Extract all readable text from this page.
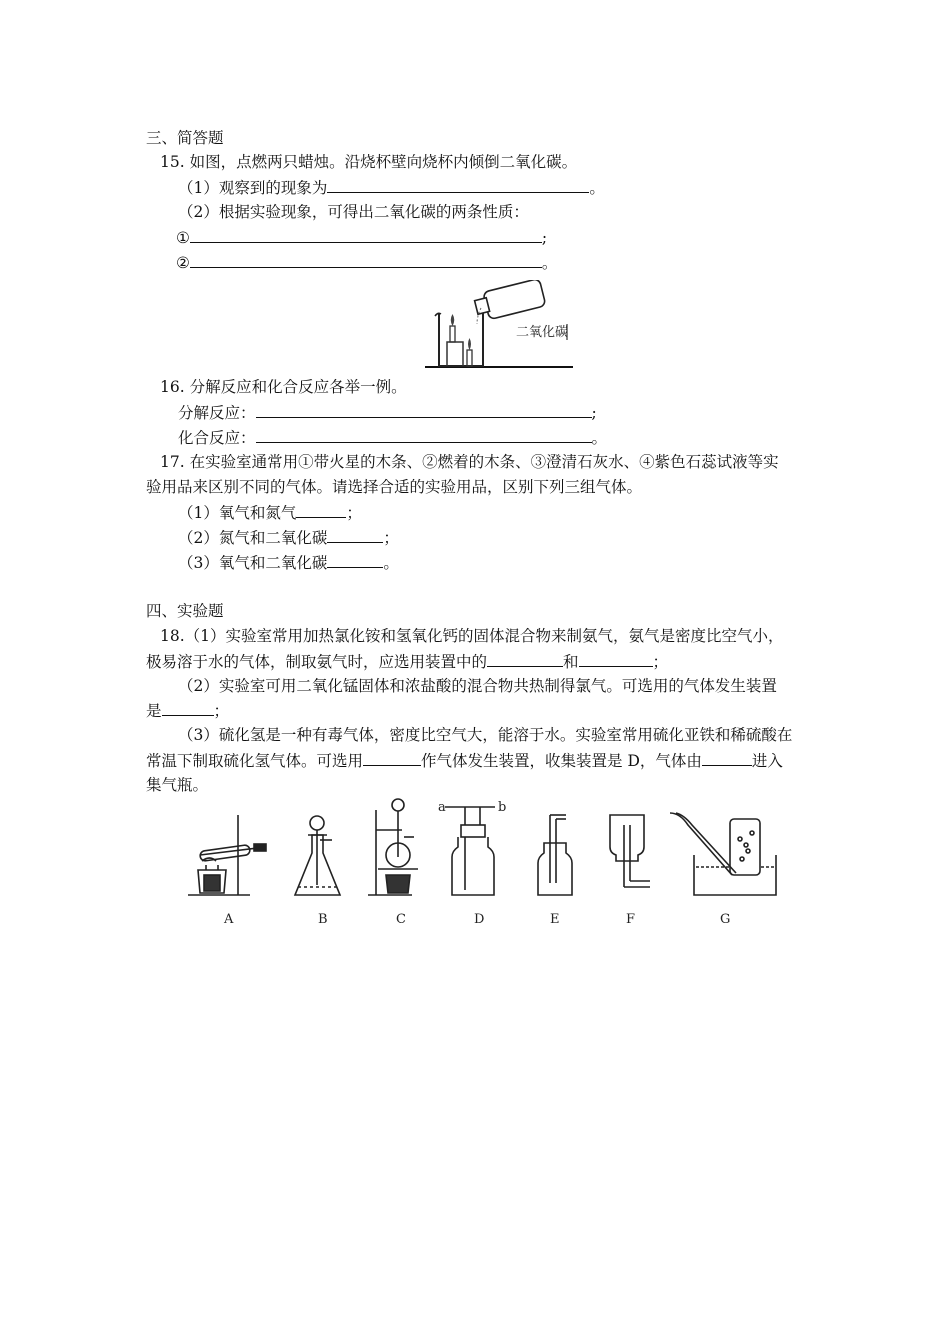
三、简答题
15. 如图，点燃两只蜡烛。沿烧杯壁向烧杯内倾倒二氧化碳。
（1）观察到的现象为	。
（2）根据实验现象，可得出二氧化碳的两条性质：
①	;
②	。
二氧化碳
16. 分解反应和化合反应各举一例。
分解反应：	;
化合反应：	。
17. 在实验室通常用①带火星的木条、②燃着的木条、③澄清石灰水、④紫色石蕊试液等实
验用品来区别不同的气体。请选择合适的实验用品，区别下列三组气体。
（1）氧气和氮气	；
（2）氮气和二氧化碳	；
（3）氧气和二氧化碳	。
四、实验题
18.（1）实验室常用加热氯化铵和氢氧化钙的固体混合物来制氨气，氨气是密度比空气小，
极易溶于水的气体，制取氨气时，应选用装置中的	和	；
（2）实验室可用二氧化锰固体和浓盐酸的混合物共热制得氯气。可选用的气体发生装置
是	；
（3）硫化氢是一种有毒气体，密度比空气大，能溶于水。实验室常用硫化亚铁和稀硫酸在
常温下制取硫化氢气体。可选用	作气体发生装置，收集装置是 D，气体由	进入
集气瓶。
a	b
A	B	C	D	E	F	G
